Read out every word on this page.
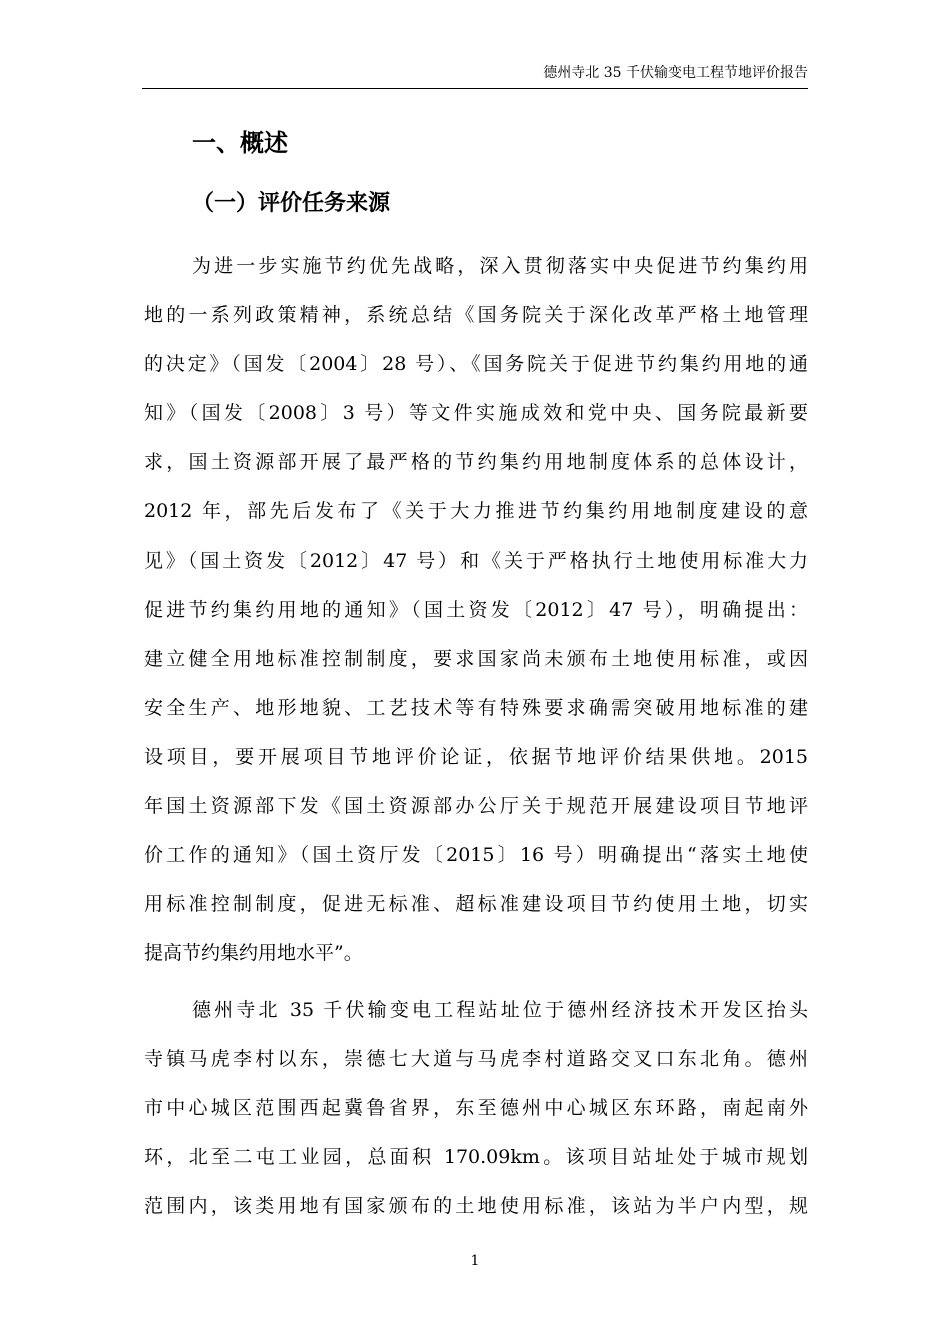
德州寺北 35 千伏输变电工程节地评价报告
一、概述
（一）评价任务来源
为进一步实施节约优先战略，深入贯彻落实中央促进节约集约用
地的一系列政策精神，系统总结《国务院关于深化改革严格土地管理
的决定》（国发〔2004〕28 号）、《国务院关于促进节约集约用地的通
知》（国发〔2008〕3 号）等文件实施成效和党中央、国务院最新要
求，国土资源部开展了最严格的节约集约用地制度体系的总体设计，
2012 年，部先后发布了《关于大力推进节约集约用地制度建设的意
见》（国土资发〔2012〕47 号）和《关于严格执行土地使用标准大力
促进节约集约用地的通知》（国土资发〔2012〕47 号），明确提出：
建立健全用地标准控制制度，要求国家尚未颁布土地使用标准，或因
安全生产、地形地貌、工艺技术等有特殊要求确需突破用地标准的建
设项目，要开展项目节地评价论证，依据节地评价结果供地。2015
年国土资源部下发《国土资源部办公厅关于规范开展建设项目节地评
价工作的通知》（国土资厅发〔2015〕16 号）明确提出“落实土地使
用标准控制制度，促进无标准、超标准建设项目节约使用土地，切实
提高节约集约用地水平”。
德州寺北 35 千伏输变电工程站址位于德州经济技术开发区抬头
寺镇马虎李村以东，崇德七大道与马虎李村道路交叉口东北角。德州
市中心城区范围西起冀鲁省界，东至德州中心城区东环路，南起南外
环，北至二屯工业园，总面积 170.09km。该项目站址处于城市规划
范围内，该类用地有国家颁布的土地使用标准，该站为半户内型，规
1
